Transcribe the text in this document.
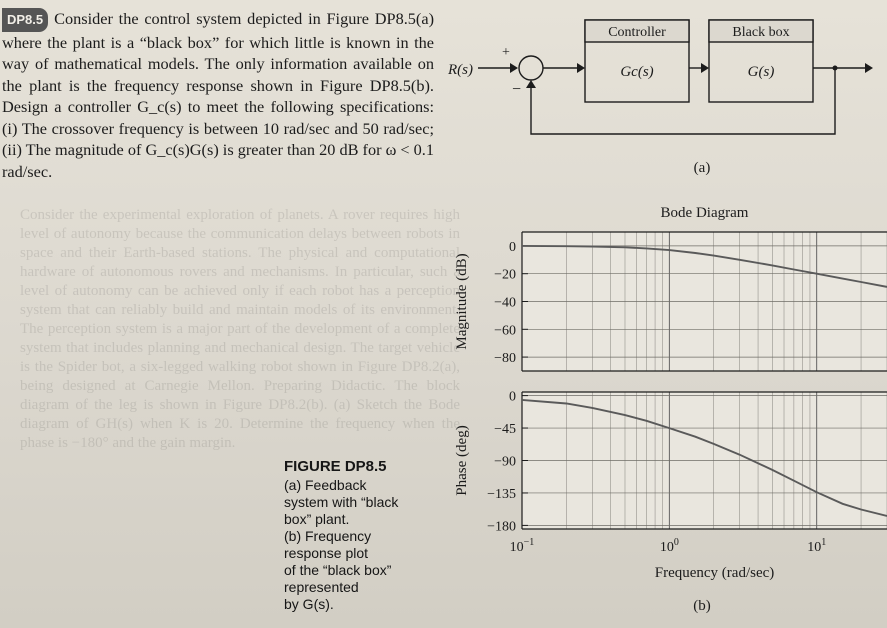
Consider the experimental exploration of planets. A rover requires high level of autonomy because the communication delays between robots in space and their Earth-based stations. The physical and computational hardware of autonomous rovers and mechanisms. In particular, such a level of autonomy can be achieved only if each robot has a perception system that can reliably build and maintain models of its environment. The perception system is a major part of the development of a complete system that includes planning and mechanical design. The target vehicle is the Spider bot, a six-legged walking robot shown in Figure DP8.2(a), being designed at Carnegie Mellon. Preparing Didactic. The block diagram of the leg is shown in Figure DP8.2(b). (a) Sketch the Bode diagram of GH(s) when K is 20. Determine the frequency when the phase is −180° and the gain margin.
DP8.5 Consider the control system depicted in Figure DP8.5(a) where the plant is a “black box” for which little is known in the way of mathematical models. The only information available on the plant is the frequency response shown in Figure DP8.5(b). Design a controller G_c(s) to meet the following specifications: (i) The crossover frequency is between 10 rad/sec and 50 rad/sec; (ii) The magnitude of G_c(s)G(s) is greater than 20 dB for ω < 0.1 rad/sec.
FIGURE DP8.5
(a) Feedback
system with “black
box” plant.
(b) Frequency
response plot
of the “black box”
represented
by G(s).
R(s)
+
−
Controller
Gc(s)
Black box
G(s)
(a)
Bode Diagram
0
−20
−40
−60
−80
Magnitude (dB)
0
−45
−90
−135
−180
Phase (deg)
$10^{-1}$	$10^0$	$10^1$
Frequency (rad/sec)
(b)
